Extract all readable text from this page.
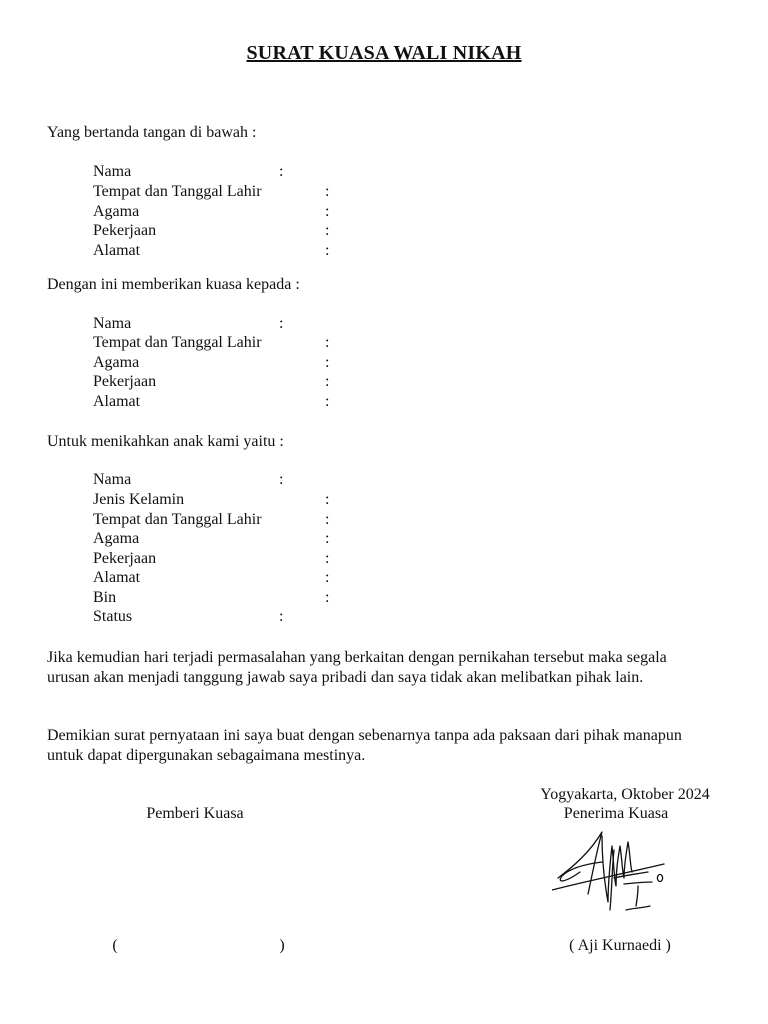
SURAT KUASA WALI NIKAH
Yang bertanda tangan di bawah :
Nama	:
Tempat dan Tanggal Lahir	:
Agama	:
Pekerjaan	:
Alamat	:
Dengan ini memberikan kuasa kepada :
Nama	:
Tempat dan Tanggal Lahir	:
Agama	:
Pekerjaan	:
Alamat	:
Untuk menikahkan anak kami yaitu :
Nama	:
Jenis Kelamin	:
Tempat dan Tanggal Lahir	:
Agama	:
Pekerjaan	:
Alamat	:
Bin	:
Status	:
Jika kemudian hari terjadi permasalahan yang berkaitan dengan pernikahan tersebut maka segala urusan akan menjadi tanggung jawab saya pribadi dan saya tidak akan melibatkan pihak lain.
Demikian surat pernyataan ini saya buat dengan sebenarnya tanpa ada paksaan dari pihak manapun untuk dapat dipergunakan sebagaimana mestinya.
Yogyakarta, Oktober 2024
Pemberi Kuasa	Penerima Kuasa
(	)	( Aji Kurnaedi )
